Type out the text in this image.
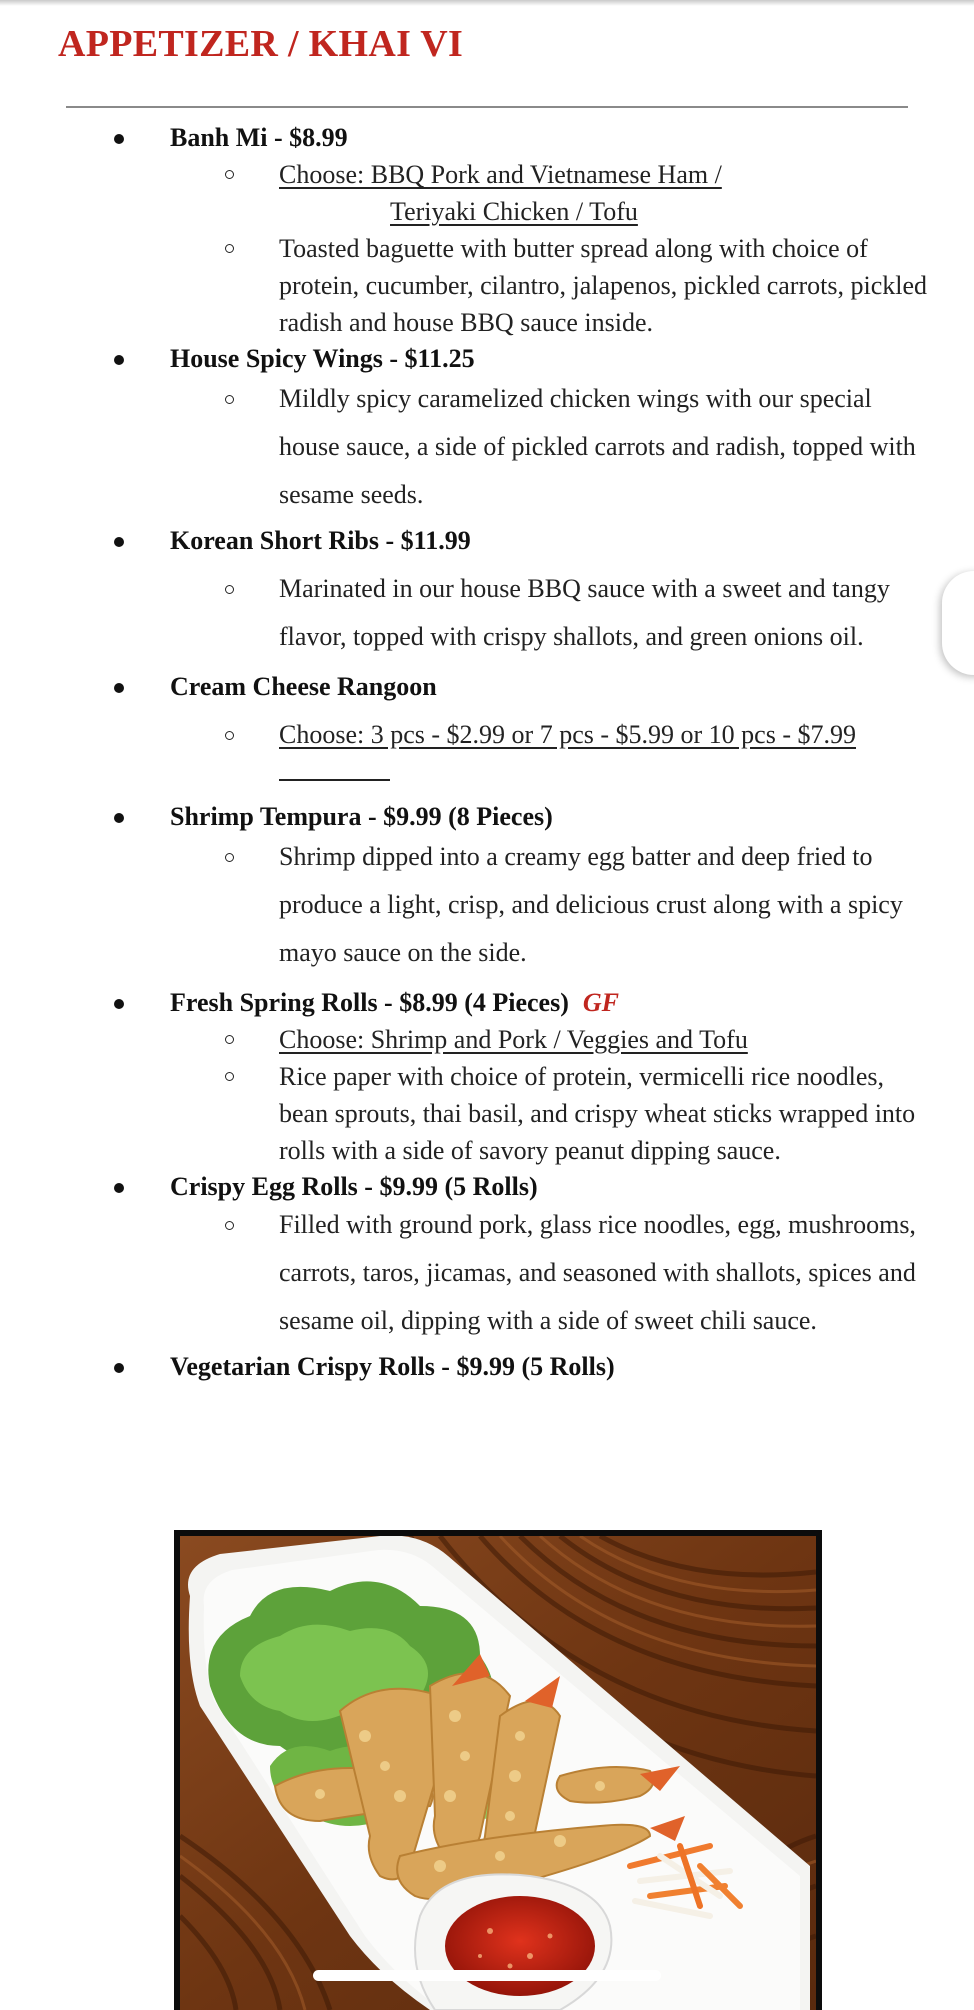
APPETIZER / KHAI VI
Banh Mi - $8.99
Choose: BBQ Pork and Vietnamese Ham /
Teriyaki Chicken / Tofu
Toasted baguette with butter spread along with choice of protein, cucumber, cilantro, jalapenos, pickled carrots, pickled radish and house BBQ sauce inside.
House Spicy Wings - $11.25
Mildly spicy caramelized chicken wings with our special house sauce, a side of pickled carrots and radish, topped with sesame seeds.
Korean Short Ribs - $11.99
Marinated in our house BBQ sauce with a sweet and tangy flavor, topped with crispy shallots, and green onions oil.
Cream Cheese Rangoon
Choose: 3 pcs - $2.99 or 7 pcs - $5.99 or 10 pcs - $7.99
Shrimp Tempura - $9.99 (8 Pieces)
Shrimp dipped into a creamy egg batter and deep fried to produce a light, crisp, and delicious crust along with a spicy mayo sauce on the side.
Fresh Spring Rolls - $8.99 (4 Pieces) GF
Choose: Shrimp and Pork / Veggies and Tofu
Rice paper with choice of protein, vermicelli rice noodles, bean sprouts, thai basil, and crispy wheat sticks wrapped into rolls with a side of savory peanut dipping sauce.
Crispy Egg Rolls - $9.99 (5 Rolls)
Filled with ground pork, glass rice noodles, egg, mushrooms, carrots, taros, jicamas, and seasoned with shallots, spices and sesame oil, dipping with a side of sweet chili sauce.
Vegetarian Crispy Rolls - $9.99 (5 Rolls)
